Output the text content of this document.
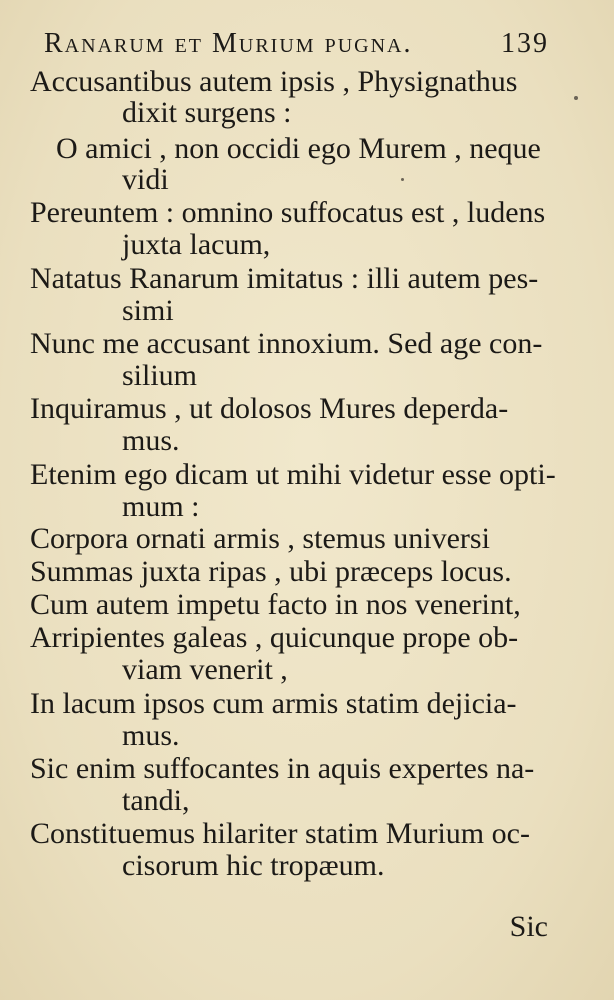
Ranarum et Murium pugna.	139
Accusantibus autem ipsis , Physignathus
dixit surgens :
O amici , non occidi ego Murem , neque
vidi
Pereuntem : omnino suffocatus est , ludens
juxta lacum,
Natatus Ranarum imitatus : illi autem pes-
simi
Nunc me accusant innoxium. Sed age con-
silium
Inquiramus , ut dolosos Mures deperda-
mus.
Etenim ego dicam ut mihi videtur esse opti-
mum :
Corpora ornati armis , stemus universi
Summas juxta ripas , ubi præceps locus.
Cum autem impetu facto in nos venerint,
Arripientes galeas , quicunque prope ob-
viam venerit ,
In lacum ipsos cum armis statim dejicia-
mus.
Sic enim suffocantes in aquis expertes na-
tandi,
Constituemus hilariter statim Murium oc-
cisorum hic tropæum.
Sic
